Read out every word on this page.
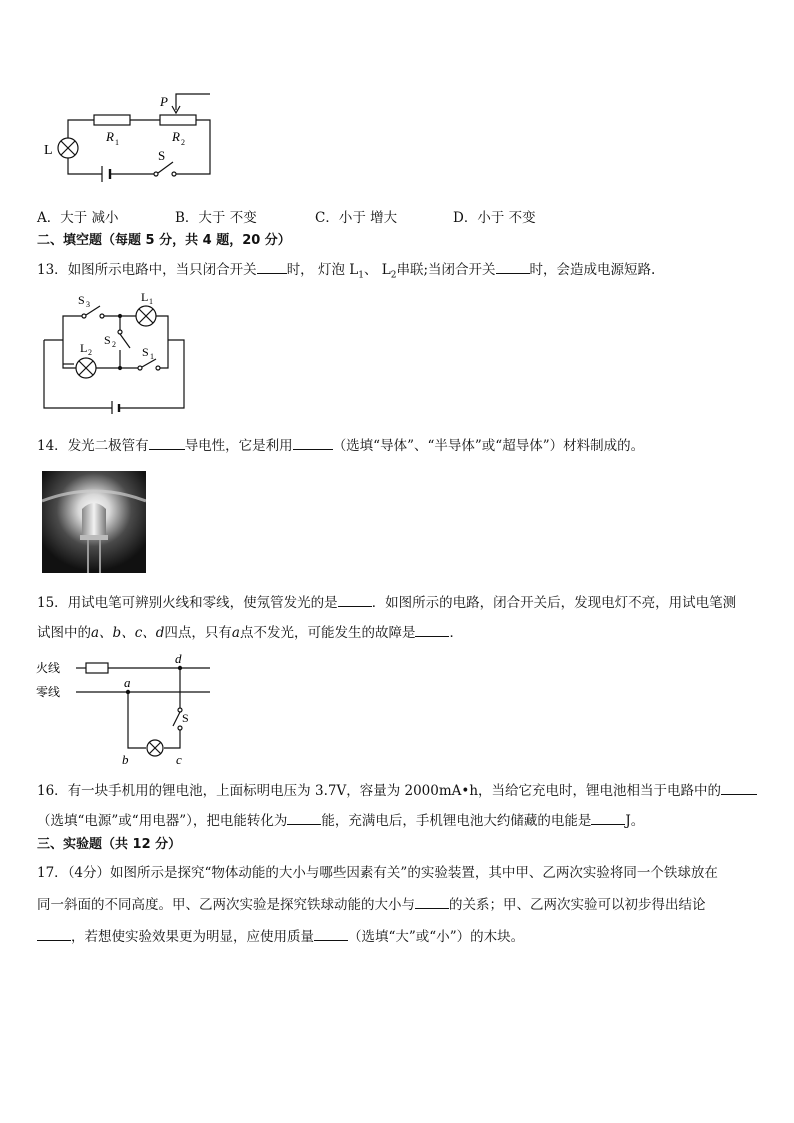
L
R 1	R 2
P
S
A．大于 减小	B．大于 不变	C．小于 增大	D．小于 不变
二、填空题（每题 5 分，共 4 题，20 分）
13．如图所示电路中，当只闭合开关 时， 灯泡 $L_1$、 $L_2$串联;当闭合开关	时，会造成电源短路.
S 3
L 1
S 2
L 2	S 1
14．发光二极管有	导电性，它是利用	（选填“导体”、“半导体”或“超导体”）材料制成的。
15．用试电笔可辨别火线和零线，使氖管发光的是	．如图所示的电路，闭合开关后，发现电灯不亮，用试电笔测
试图中的a、b、c、d四点，只有a点不发光，可能发生的故障是	．
火线
零线
a
d
b	c
S
16．有一块手机用的锂电池，上面标明电压为 3.7V，容量为 2000mA•h，当给它充电时，锂电池相当于电路中的
（选填“电源”或“用电器”），把电能转化为	能，充满电后，手机锂电池大约储藏的电能是	J。
三、实验题（共 12 分）
17．（4分）如图所示是探究“物体动能的大小与哪些因素有关”的实验装置，其中甲、乙两次实验将同一个铁球放在
同一斜面的不同高度。甲、乙两次实验是探究铁球动能的大小与	的关系；甲、乙两次实验可以初步得出结论
，若想使实验效果更为明显，应使用质量	（选填“大”或“小”）的木块。
